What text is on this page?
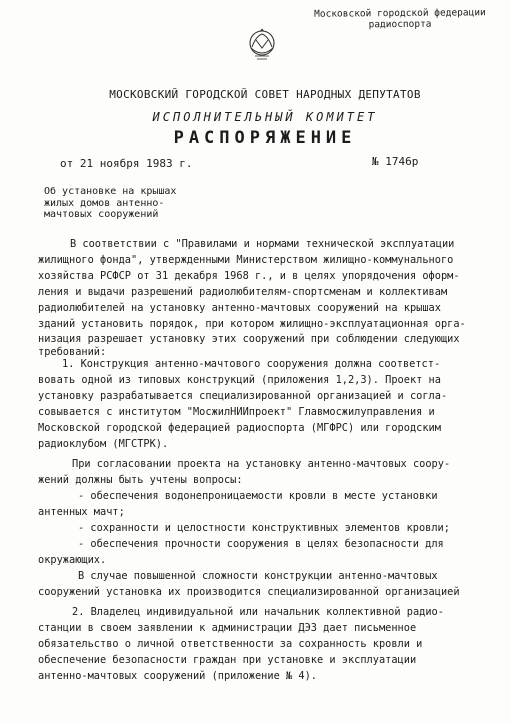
Московской городской федерации
радиоспорта
МОСКОВСКИЙ ГОРОДСКОЙ СОВЕТ НАРОДНЫХ ДЕПУТАТОВ
ИСПОЛНИТЕЛЬНЫЙ КОМИТЕТ
РАСПОРЯЖЕНИЕ
от 21 ноября 1983 г.	№ 1746р
Об установке на крышах
жилых домов антенно-
мачтовых сооружений
В соответствии с "Правилами и нормами технической эксплуатации
жилищного фонда", утвержденными Министерством жилищно-коммунального
хозяйства РСФСР от 31 декабря 1968 г., и в целях упорядочения оформ-
ления и выдачи разрешений радиолюбителям-спортсменам и коллективам
радиолюбителей на установку антенно-мачтовых сооружений на крышах
зданий установить порядок, при котором жилищно-эксплуатационная орга-
низация разрешает установку этих сооружений при соблюдении следующих
требований:
1. Конструкция антенно-мачтового сооружения должна соответст-
вовать одной из типовых конструкций (приложения 1,2,3). Проект на
установку разрабатывается специализированной организацией и согла-
совывается с институтом "МосжилНИИпроект" Главмосжилуправления и
Московской городской федерацией радиоспорта (МГФРС) или городским
радиоклубом (МГСТРК).
При согласовании проекта на установку антенно-мачтовых соору-
жений должны быть учтены вопросы:
- обеспечения водонепроницаемости кровли в месте установки
антенных мачт;
- сохранности и целостности конструктивных элементов кровли;
- обеспечения прочности сооружения в целях безопасности для
окружающих.
В случае повышенной сложности конструкции антенно-мачтовых
сооружений установка их производится специализированной организацией
2. Владелец индивидуальной или начальник коллективной радио-
станции в своем заявлении к администрации ДЭЗ дает письменное
обязательство о личной ответственности за сохранность кровли и
обеспечение безопасности граждан при установке и эксплуатации
антенно-мачтовых сооружений (приложение № 4).
